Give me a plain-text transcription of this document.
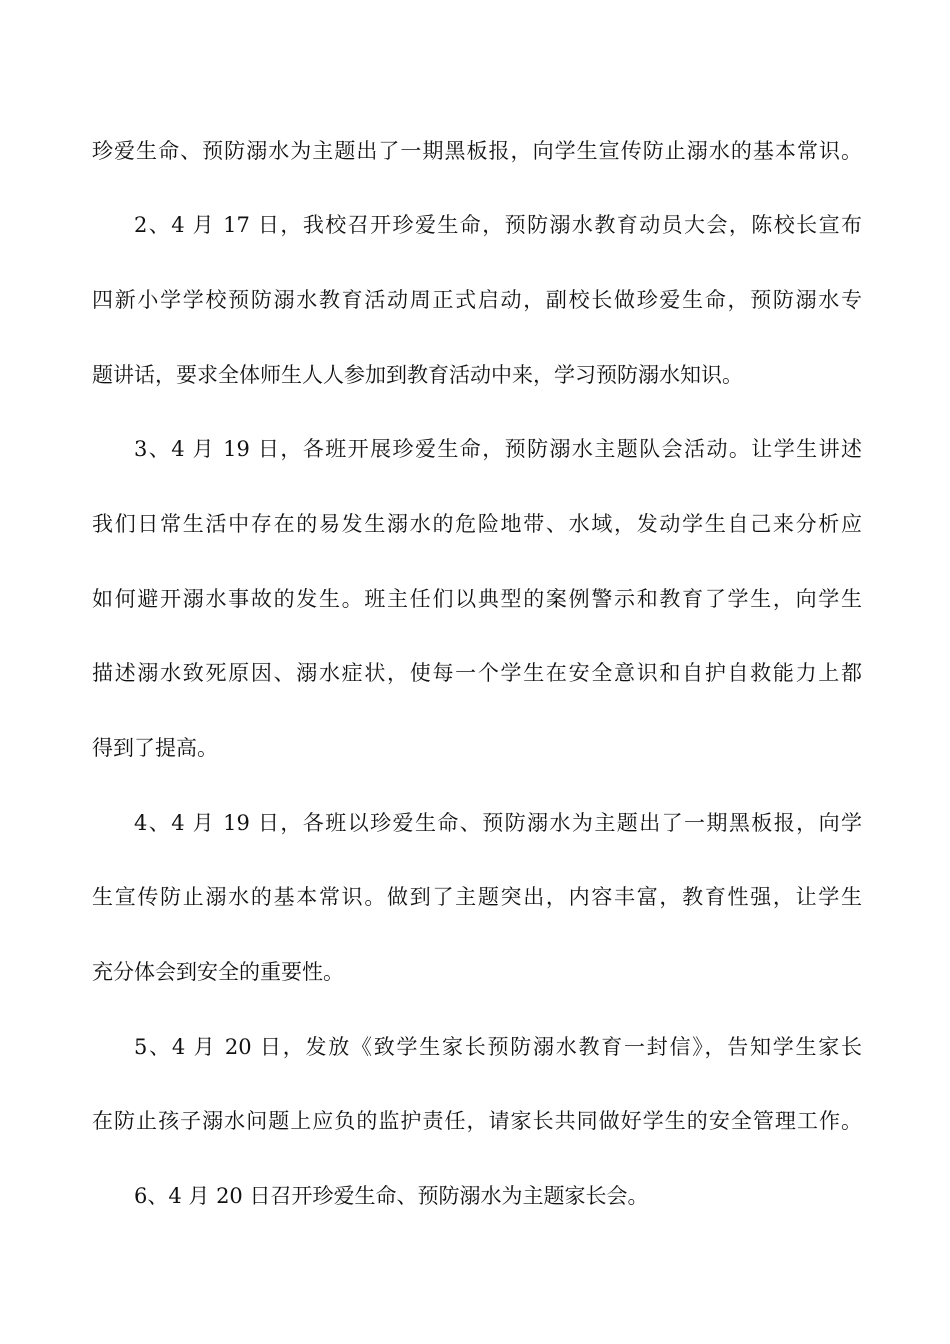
珍爱生命、预防溺水为主题出了一期黑板报，向学生宣传防止溺水的基本常识。
2、4 月 17 日，我校召开珍爱生命，预防溺水教育动员大会，陈校长宣布
四新小学学校预防溺水教育活动周正式启动，副校长做珍爱生命，预防溺水专
题讲话，要求全体师生人人参加到教育活动中来，学习预防溺水知识。
3、4 月 19 日，各班开展珍爱生命，预防溺水主题队会活动。让学生讲述
我们日常生活中存在的易发生溺水的危险地带、水域，发动学生自己来分析应
如何避开溺水事故的发生。班主任们以典型的案例警示和教育了学生，向学生
描述溺水致死原因、溺水症状，使每一个学生在安全意识和自护自救能力上都
得到了提高。
4、4 月 19 日，各班以珍爱生命、预防溺水为主题出了一期黑板报，向学
生宣传防止溺水的基本常识。做到了主题突出，内容丰富，教育性强，让学生
充分体会到安全的重要性。
5、4 月 20 日，发放《致学生家长预防溺水教育一封信》，告知学生家长
在防止孩子溺水问题上应负的监护责任，请家长共同做好学生的安全管理工作。
6、4 月 20 日召开珍爱生命、预防溺水为主题家长会。
